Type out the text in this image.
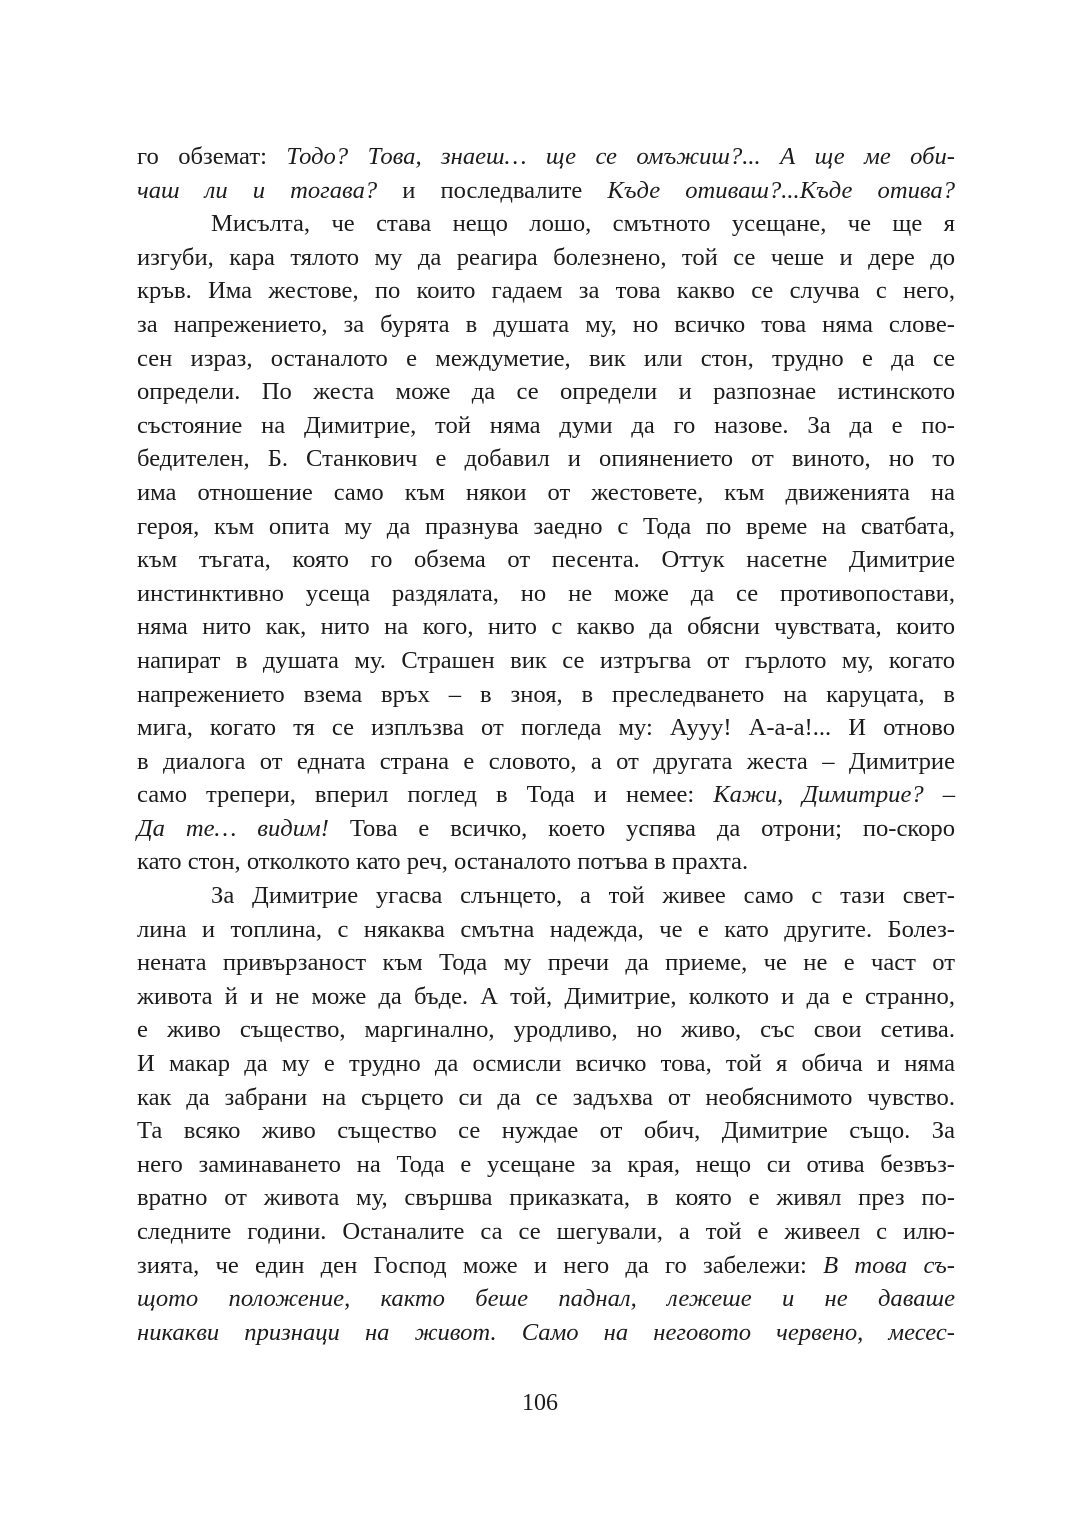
го обземат: Тодо? Това, знаеш… ще се омъжиш?... А ще ме оби-
чаш ли и тогава? и последвалите Къде отиваш?...Къде отива?
Мисълта, че става нещо лошо, смътното усещане, че ще я
изгуби, кара тялото му да реагира болезнено, той се чеше и дере до
кръв. Има жестове, по които гадаем за това какво се случва с него,
за напрежението, за бурята в душата му, но всичко това няма слове-
сен израз, останалото е междуметие, вик или стон, трудно е да се
определи. По жеста може да се определи и разпознае истинското
състояние на Димитрие, той няма думи да го назове. За да е по-
бедителен, Б. Станкович е добавил и опиянението от виното, но то
има отношение само към някои от жестовете, към движенията на
героя, към опита му да празнува заедно с Тода по време на сватбата,
към тъгата, която го обзема от песента. Оттук насетне Димитрие
инстинктивно усеща раздялата, но не може да се противопостави,
няма нито как, нито на кого, нито с какво да обясни чувствата, които
напират в душата му. Страшен вик се изтръгва от гърлото му, когато
напрежението взема връх – в зноя, в преследването на каруцата, в
мига, когато тя се изплъзва от погледа му: Аууу! А-а-а!... И отново
в диалога от едната страна е словото, а от другата жеста – Димитрие
само трепери, вперил поглед в Тода и немее: Кажи, Димитрие? –
Да те… видим! Това е всичко, което успява да отрони; по-скоро
като стон, отколкото като реч, останалото потъва в прахта.
За Димитрие угасва слънцето, а той живее само с тази свет-
лина и топлина, с някаква смътна надежда, че е като другите. Болез-
нената привързаност към Тода му пречи да приеме, че не е част от
живота й и не може да бъде. А той, Димитрие, колкото и да е странно,
е живо същество, маргинално, уродливо, но живо, със свои сетива.
И макар да му е трудно да осмисли всичко това, той я обича и няма
как да забрани на сърцето си да се задъхва от необяснимото чувство.
Та всяко живо същество се нуждае от обич, Димитрие също. За
него заминаването на Тода е усещане за края, нещо си отива безвъз-
вратно от живота му, свършва приказката, в която е живял през по-
следните години. Останалите са се шегували, а той е живеел с илю-
зията, че един ден Господ може и него да го забележи: В това съ-
щото положение, както беше паднал, лежеше и не даваше
никакви признаци на живот. Само на неговото червено, месес-
106
